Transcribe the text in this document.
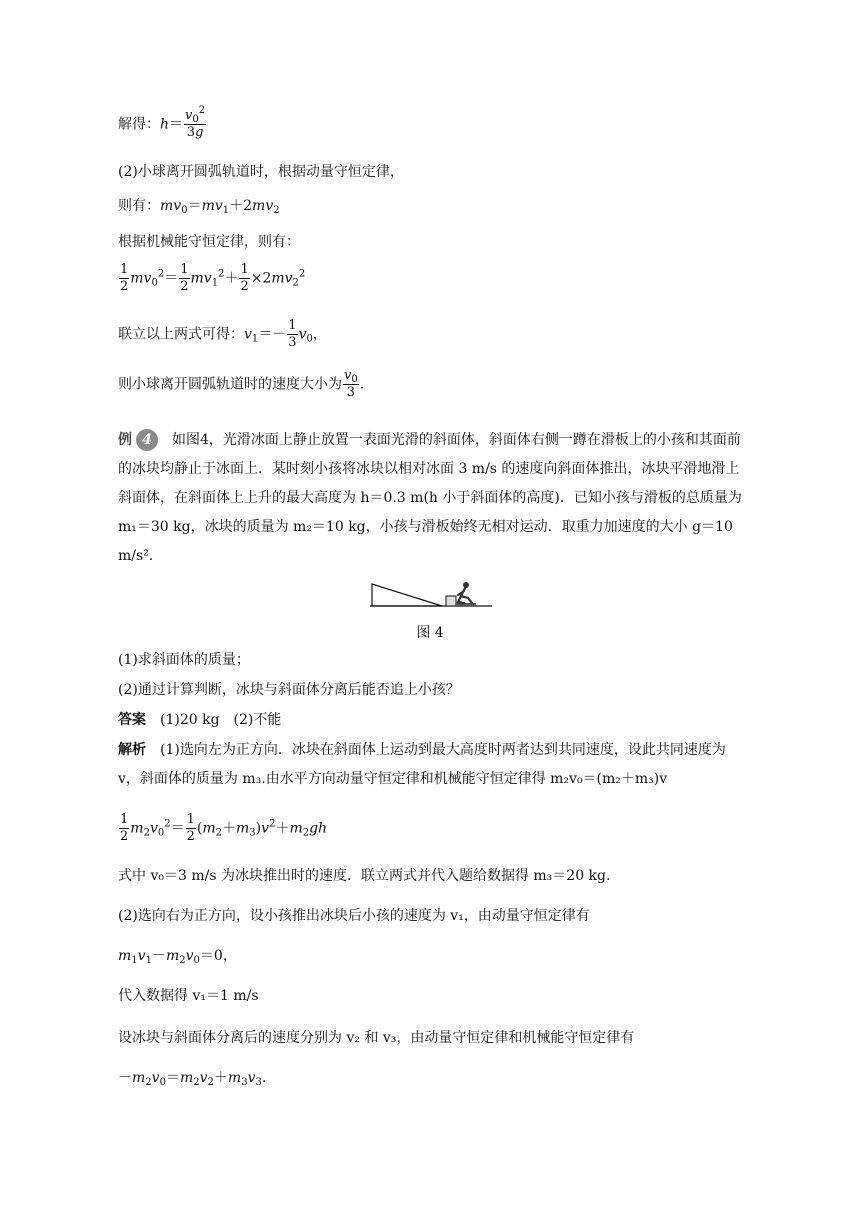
解得：$h= \frac{v_0^2}{3g}$
(2)小球离开圆弧轨道时，根据动量守恒定律，
则有：$mv_0=mv_1+2mv_2$
根据机械能守恒定律，则有：
$\frac{1}{2} mv_0^2= \frac{1}{2} mv_1^2+ \frac{1}{2} \times 2mv_2^2$
联立以上两式可得：$v_1=- \frac{1}{3} v_0$，
则小球离开圆弧轨道时的速度大小为 $\frac{v_0}{3}$ .
例 4　 如图4，光滑冰面上静止放置一表面光滑的斜面体，斜面体右侧一蹲在滑板上的小孩和其面前的冰块均静止于冰面上．某时刻小孩将冰块以相对冰面 3 m/s 的速度向斜面体推出，冰块平滑地滑上斜面体，在斜面体上上升的最大高度为 h＝0.3 m(h 小于斜面体的高度)．已知小孩与滑板的总质量为 m₁＝30 kg，冰块的质量为 m₂＝10 kg，小孩与滑板始终无相对运动．取重力加速度的大小 g＝10 m/s².
图 4
(1)求斜面体的质量；
(2)通过计算判断，冰块与斜面体分离后能否追上小孩？
答案　 (1)20 kg　(2)不能
解析　 (1)选向左为正方向．冰块在斜面体上运动到最大高度时两者达到共同速度，设此共同速度为 v，斜面体的质量为 m₃.由水平方向动量守恒定律和机械能守恒定律得 m₂v₀＝(m₂＋m₃)v
$\frac{1}{2} m_2v_0^2= \frac{1}{2} (m_2+m_3)v^2+m_2gh$
式中 v₀＝3 m/s 为冰块推出时的速度．联立两式并代入题给数据得 m₃＝20 kg.
(2)选向右为正方向，设小孩推出冰块后小孩的速度为 v₁，由动量守恒定律有
$m_1v_1-m_2v_0=0$，
代入数据得 v₁＝1 m/s
设冰块与斜面体分离后的速度分别为 v₂ 和 v₃，由动量守恒定律和机械能守恒定律有
$-m_2v_0=m_2v_2+m_3v_3$.
